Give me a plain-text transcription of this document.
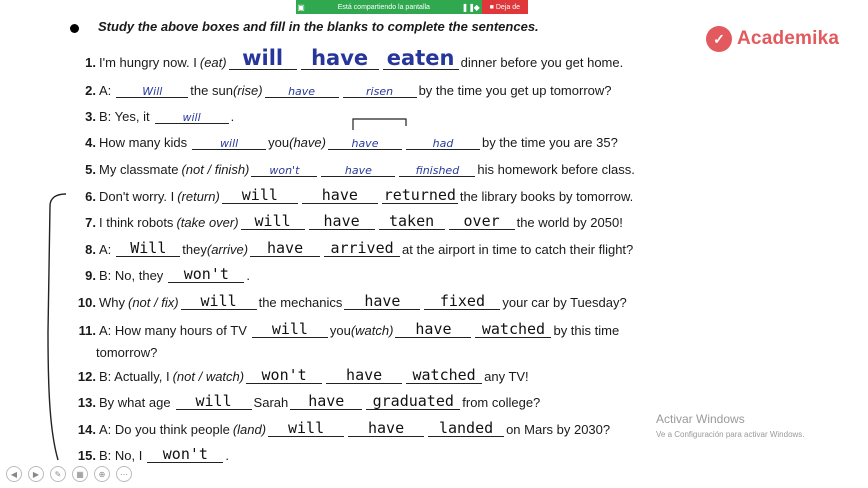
▣	Está compartiendo la pantalla	❚❚
◆ ■ Deja de
Study the above boxes and fill in the blanks to complete the sentences.
✓ Academika
1. I'm hungry now. I (eat) will	have eaten dinner before you get home.
2. A:	Will	the sun (rise)	have	risen	by the time you get up tomorrow?
3. B: Yes, it	will	.
4. How many kids	will	you (have)	have	had	by the time you are 35?
5. My classmate (not / finish)	won't	have	finished	his homework before class.
6. Don't worry. I (return)	will	have	returned the library books by tomorrow.
7. I think robots (take over)	will	have	taken	over	the world by 2050!
8. A:	Will	they (arrive)	have	arrived at the airport in time to catch their flight?
9. B: No, they	won't	.
10. Why (not / fix)	will	the mechanics	have	fixed	your car by Tuesday?
11. A: How many hours of TV	will	you (watch)	have	watched by this time
tomorrow?
12. B: Actually, I (not / watch)	won't	have	watched any TV!
13. By what age	will	Sarah	have	graduated from college?
14. A: Do you think people (land)	will	have	landed on Mars by 2030?
15. B: No, I	won't	.
Activar Windows
Ve a Configuración para activar Windows.
◀	▶	✎	▦	⊕	⋯
